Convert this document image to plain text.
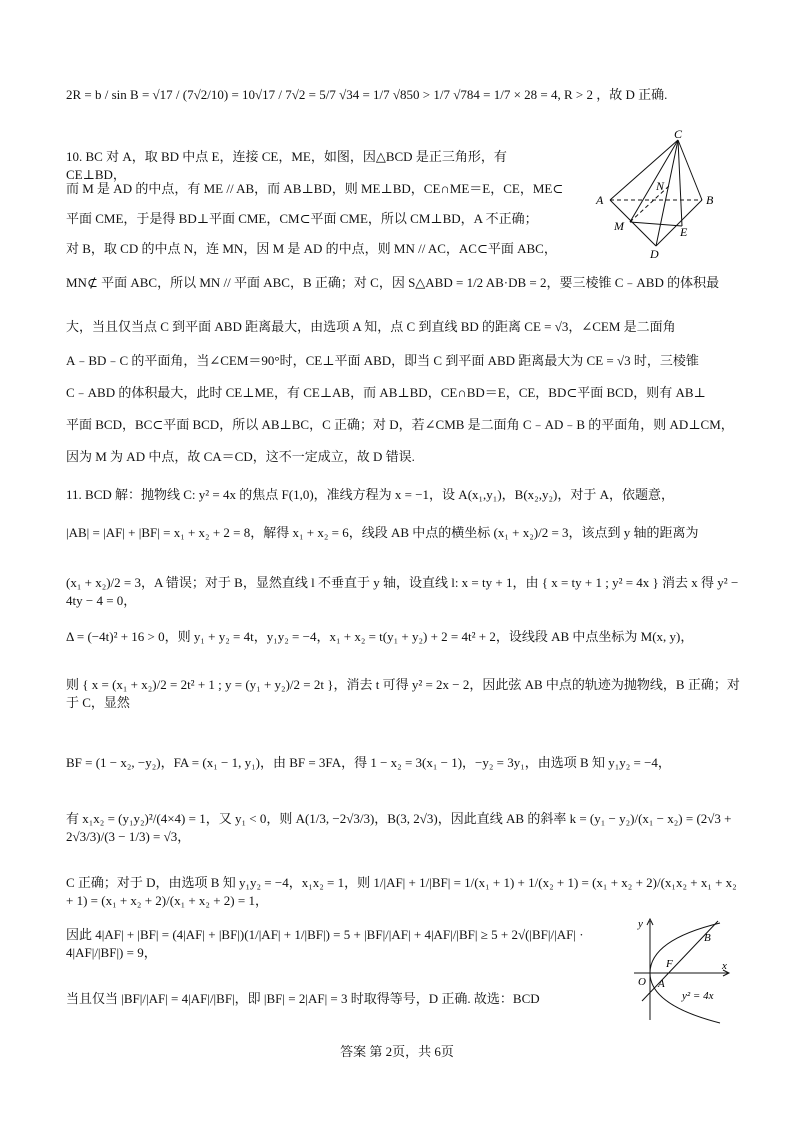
2R = b / sin B = √17 / (7√2/10) = 10√17 / 7√2 = 5/7 √34 = 1/7 √850 > 1/7 √784 = 1/7 × 28 = 4, R > 2 ，故 D 正确.
10. BC 对 A，取 BD 中点 E，连接 CE，ME，如图，因△BCD 是正三角形，有 CE⊥BD，
而 M 是 AD 的中点，有 ME // AB，而 AB⊥BD，则 ME⊥BD，CE∩ME＝E，CE，ME⊂
平面 CME，于是得 BD⊥平面 CME，CM⊂平面 CME，所以 CM⊥BD，A 不正确；
对 B，取 CD 的中点 N，连 MN，因 M 是 AD 的中点，则 MN // AC，AC⊂平面 ABC，
MN⊄ 平面 ABC，所以 MN // 平面 ABC，B 正确；对 C，因 S△ABD = 1/2 AB·DB = 2，要三棱锥 C﹣ABD 的体积最
大，当且仅当点 C 到平面 ABD 距离最大，由选项 A 知，点 C 到直线 BD 的距离 CE = √3，∠CEM 是二面角
A﹣BD﹣C 的平面角，当∠CEM＝90°时，CE⊥平面 ABD，即当 C 到平面 ABD 距离最大为 CE = √3 时，三棱锥
C﹣ABD 的体积最大，此时 CE⊥ME，有 CE⊥AB，而 AB⊥BD，CE∩BD＝E，CE，BD⊂平面 BCD，则有 AB⊥
平面 BCD，BC⊂平面 BCD，所以 AB⊥BC，C 正确；对 D，若∠CMB 是二面角 C﹣AD﹣B 的平面角，则 AD⊥CM，
因为 M 为 AD 中点，故 CA＝CD，这不一定成立，故 D 错误.
11. BCD 解：抛物线 C: y² = 4x 的焦点 F(1,0)，准线方程为 x = −1，设 A(x₁,y₁)，B(x₂,y₂)，对于 A，依题意，
|AB| = |AF| + |BF| = x₁ + x₂ + 2 = 8，解得 x₁ + x₂ = 6，线段 AB 中点的横坐标 (x₁ + x₂)/2 = 3，该点到 y 轴的距离为
(x₁ + x₂)/2 = 3，A 错误；对于 B，显然直线 l 不垂直于 y 轴，设直线 l: x = ty + 1，由 { x = ty + 1 ; y² = 4x } 消去 x 得 y² − 4ty − 4 = 0，
Δ = (−4t)² + 16 > 0，则 y₁ + y₂ = 4t，y₁y₂ = −4，x₁ + x₂ = t(y₁ + y₂) + 2 = 4t² + 2，设线段 AB 中点坐标为 M(x, y)，
则 { x = (x₁ + x₂)/2 = 2t² + 1 ; y = (y₁ + y₂)/2 = 2t }，消去 t 可得 y² = 2x − 2，因此弦 AB 中点的轨迹为抛物线，B 正确；对于 C，显然
BF = (1 − x₂, −y₂)，FA = (x₁ − 1, y₁)，由 BF = 3FA，得 1 − x₂ = 3(x₁ − 1)，−y₂ = 3y₁，由选项 B 知 y₁y₂ = −4，
有 x₁x₂ = (y₁y₂)²/(4×4) = 1，又 y₁ < 0，则 A(1/3, −2√3/3)，B(3, 2√3)，因此直线 AB 的斜率 k = (y₁ − y₂)/(x₁ − x₂) = (2√3 + 2√3/3)/(3 − 1/3) = √3，
C 正确；对于 D，由选项 B 知 y₁y₂ = −4，x₁x₂ = 1，则 1/|AF| + 1/|BF| = 1/(x₁ + 1) + 1/(x₂ + 1) = (x₁ + x₂ + 2)/(x₁x₂ + x₁ + x₂ + 1) = (x₁ + x₂ + 2)/(x₁ + x₂ + 2) = 1，
因此 4|AF| + |BF| = (4|AF| + |BF|)(1/|AF| + 1/|BF|) = 5 + |BF|/|AF| + 4|AF|/|BF| ≥ 5 + 2√(|BF|/|AF| · 4|AF|/|BF|) = 9，
当且仅当 |BF|/|AF| = 4|AF|/|BF|，即 |BF| = 2|AF| = 3 时取得等号，D 正确. 故选：BCD
C
A
N
B
M	E
D
y
B
F
O A
x
y² = 4x
答案 第 2页，共 6页
